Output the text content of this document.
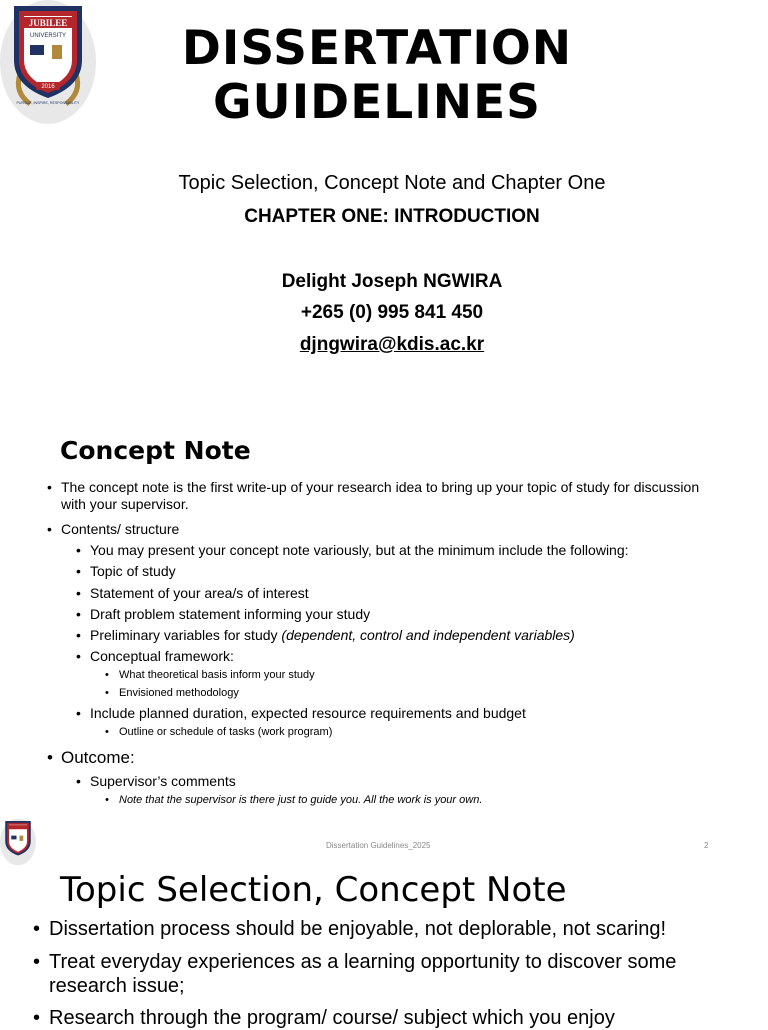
JUBILEE
UNIVERSITY
2016
PURSUE, INSPIRE, RESPONSIBILITY
DISSERTATION
GUIDELINES
Topic Selection, Concept Note and Chapter One
CHAPTER ONE: INTRODUCTION
Delight Joseph NGWIRA
+265 (0) 995 841 450
djngwira@kdis.ac.kr
Concept Note
• The concept note is the first write-up of your research idea to bring up your topic of study for discussion with your supervisor.
• Contents/ structure
• You may present your concept note variously, but at the minimum include the following:
• Topic of study
• Statement of your area/s of interest
• Draft problem statement informing your study
• Preliminary variables for study (dependent, control and independent variables)
• Conceptual framework:
• What theoretical basis inform your study
• Envisioned methodology
• Include planned duration, expected resource requirements and budget
• Outline or schedule of tasks (work program)
• Outcome:
• Supervisor’s comments
• Note that the supervisor is there just to guide you. All the work is your own.
Dissertation Guidelines_2025	2
Topic Selection, Concept Note
• Dissertation process should be enjoyable, not deplorable, not scaring!
• Treat everyday experiences as a learning opportunity to discover some research issue;
• Research through the program/ course/ subject which you enjoy
